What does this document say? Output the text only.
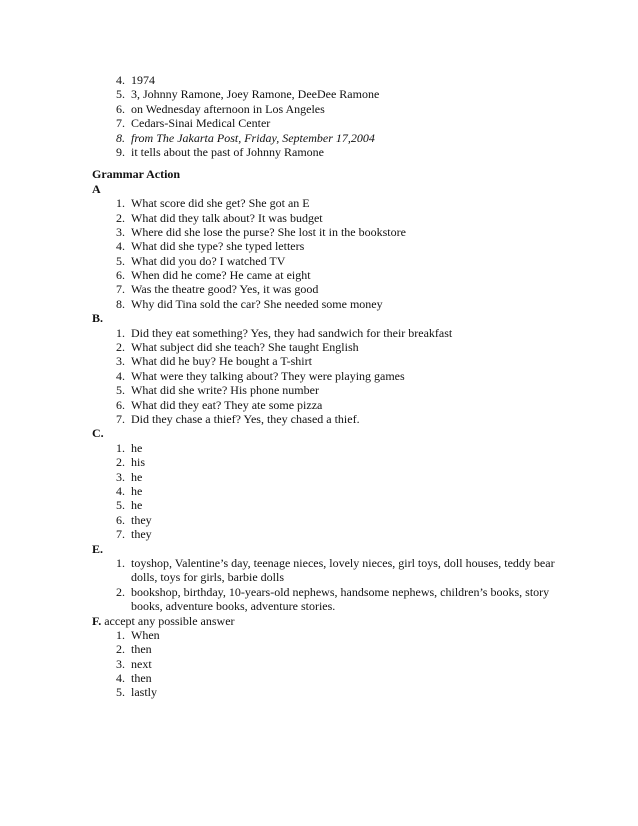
4. 1974
5. 3, Johnny Ramone, Joey Ramone, DeeDee Ramone
6. on Wednesday afternoon in Los Angeles
7. Cedars-Sinai Medical Center
8. from The Jakarta Post, Friday, September 17,2004
9. it tells about the past of Johnny Ramone
Grammar Action
A
1. What score did she get? She got an E
2. What did they talk about? It was budget
3. Where did she lose the purse? She lost it in the bookstore
4. What did she type? she typed letters
5. What did you do? I watched TV
6. When did he come? He came at eight
7. Was the theatre good? Yes, it was good
8. Why did Tina sold the car? She needed some money
B.
1. Did they eat something? Yes, they had sandwich for their breakfast
2. What subject did she teach? She taught English
3. What did he buy? He bought a T-shirt
4. What were they talking about? They were playing games
5. What did she write? His phone number
6. What did they eat? They ate some pizza
7. Did they chase a thief? Yes, they chased a thief.
C.
1. he
2. his
3. he
4. he
5. he
6. they
7. they
E.
1. toyshop, Valentine’s day, teenage nieces, lovely nieces, girl toys, doll houses, teddy bear dolls, toys for girls, barbie dolls
2. bookshop, birthday, 10-years-old nephews, handsome nephews, children’s books, story books, adventure books, adventure stories.
F. accept any possible answer
1. When
2. then
3. next
4. then
5. lastly
